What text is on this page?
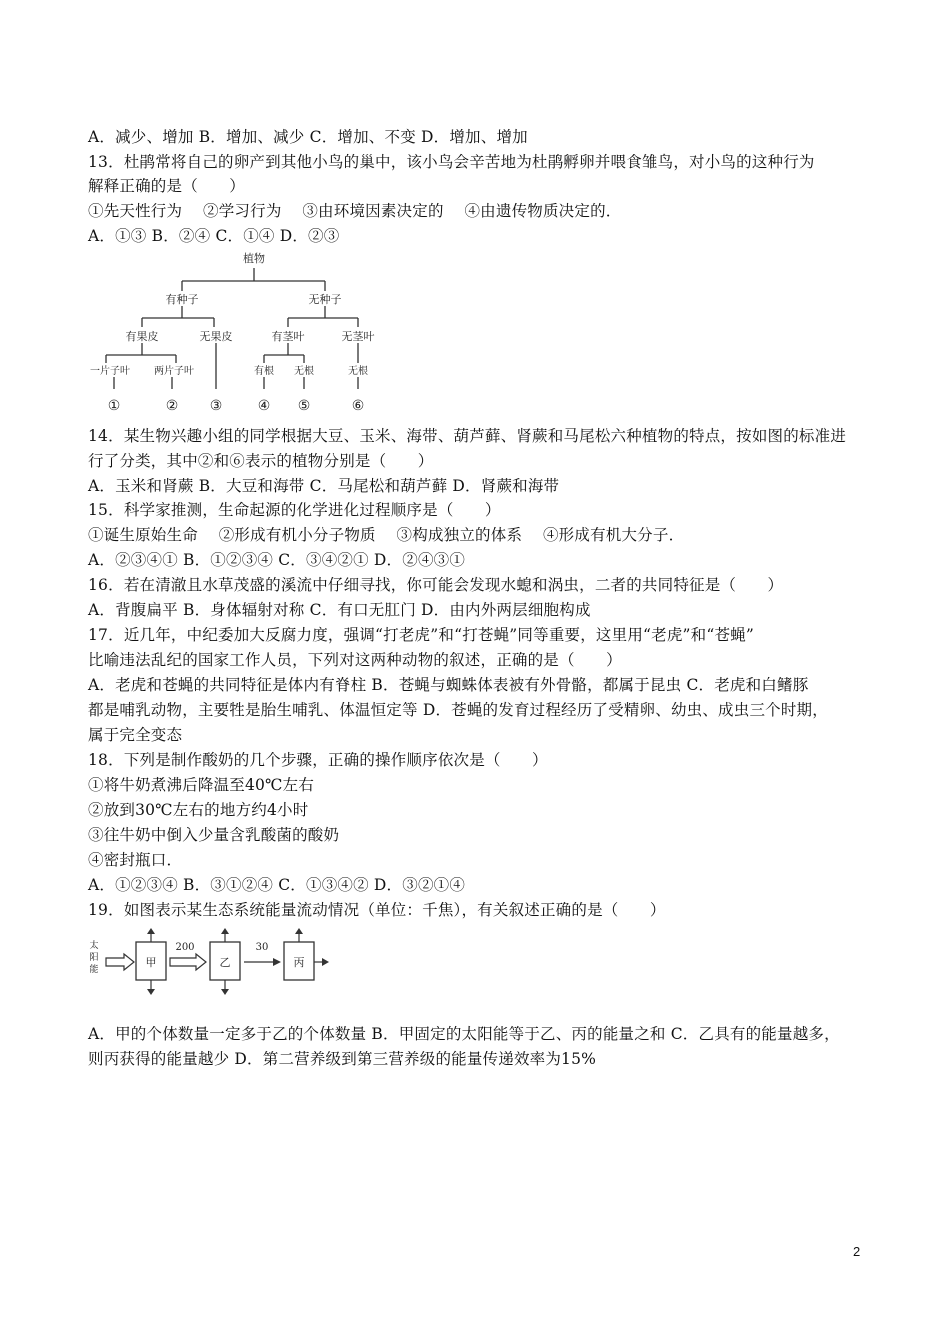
A．减少、增加 B．增加、减少 C．增加、不变 D．增加、增加
13．杜鹃常将自己的卵产到其他小鸟的巢中，该小鸟会辛苦地为杜鹃孵卵并喂食雏鸟，对小鸟的这种行为
解释正确的是（　　）
①先天性行为　 ②学习行为　 ③由环境因素决定的　 ④由遗传物质决定的．
A．①③ B．②④ C．①④ D．②③
植物
有种子	无种子
有果皮	无果皮	有茎叶	无茎叶
一片子叶 两片子叶	有根 无根	无根
①	② ③	④ ⑤	⑥
14．某生物兴趣小组的同学根据大豆、玉米、海带、葫芦藓、肾蕨和马尾松六种植物的特点，按如图的标准进
行了分类，其中②和⑥表示的植物分别是（　　）
A．玉米和肾蕨 B．大豆和海带 C．马尾松和葫芦藓 D．肾蕨和海带
15．科学家推测，生命起源的化学进化过程顺序是（　　）
①诞生原始生命　 ②形成有机小分子物质　 ③构成独立的体系　 ④形成有机大分子．
A．②③④① B．①②③④ C．③④②① D．②④③①
16．若在清澈且水草茂盛的溪流中仔细寻找，你可能会发现水螅和涡虫，二者的共同特征是（　　）
A．背腹扁平 B．身体辐射对称 C．有口无肛门 D．由内外两层细胞构成
17．近几年，中纪委加大反腐力度，强调“打老虎”和“打苍蝇”同等重要，这里用“老虎”和“苍蝇”
比喻违法乱纪的国家工作人员，下列对这两种动物的叙述，正确的是（　　）
A．老虎和苍蝇的共同特征是体内有脊柱 B．苍蝇与蜘蛛体表被有外骨骼，都属于昆虫 C．老虎和白鳍豚
都是哺乳动物，主要牲是胎生哺乳、体温恒定等 D．苍蝇的发育过程经历了受精卵、幼虫、成虫三个时期，
属于完全变态
18．下列是制作酸奶的几个步骤，正确的操作顺序依次是（　　）
①将牛奶煮沸后降温至40℃左右
②放到30℃左右的地方约4小时
③往牛奶中倒入少量含乳酸菌的酸奶
④密封瓶口．
A．①②③④ B．③①②④ C．①③④② D．③②①④
19．如图表示某生态系统能量流动情况（单位：千焦），有关叙述正确的是（　　）
太
阳
能
甲
200
乙
30
丙
A．甲的个体数量一定多于乙的个体数量 B．甲固定的太阳能等于乙、丙的能量之和 C．乙具有的能量越多，
则丙获得的能量越少 D．第二营养级到第三营养级的能量传递效率为15%
2
